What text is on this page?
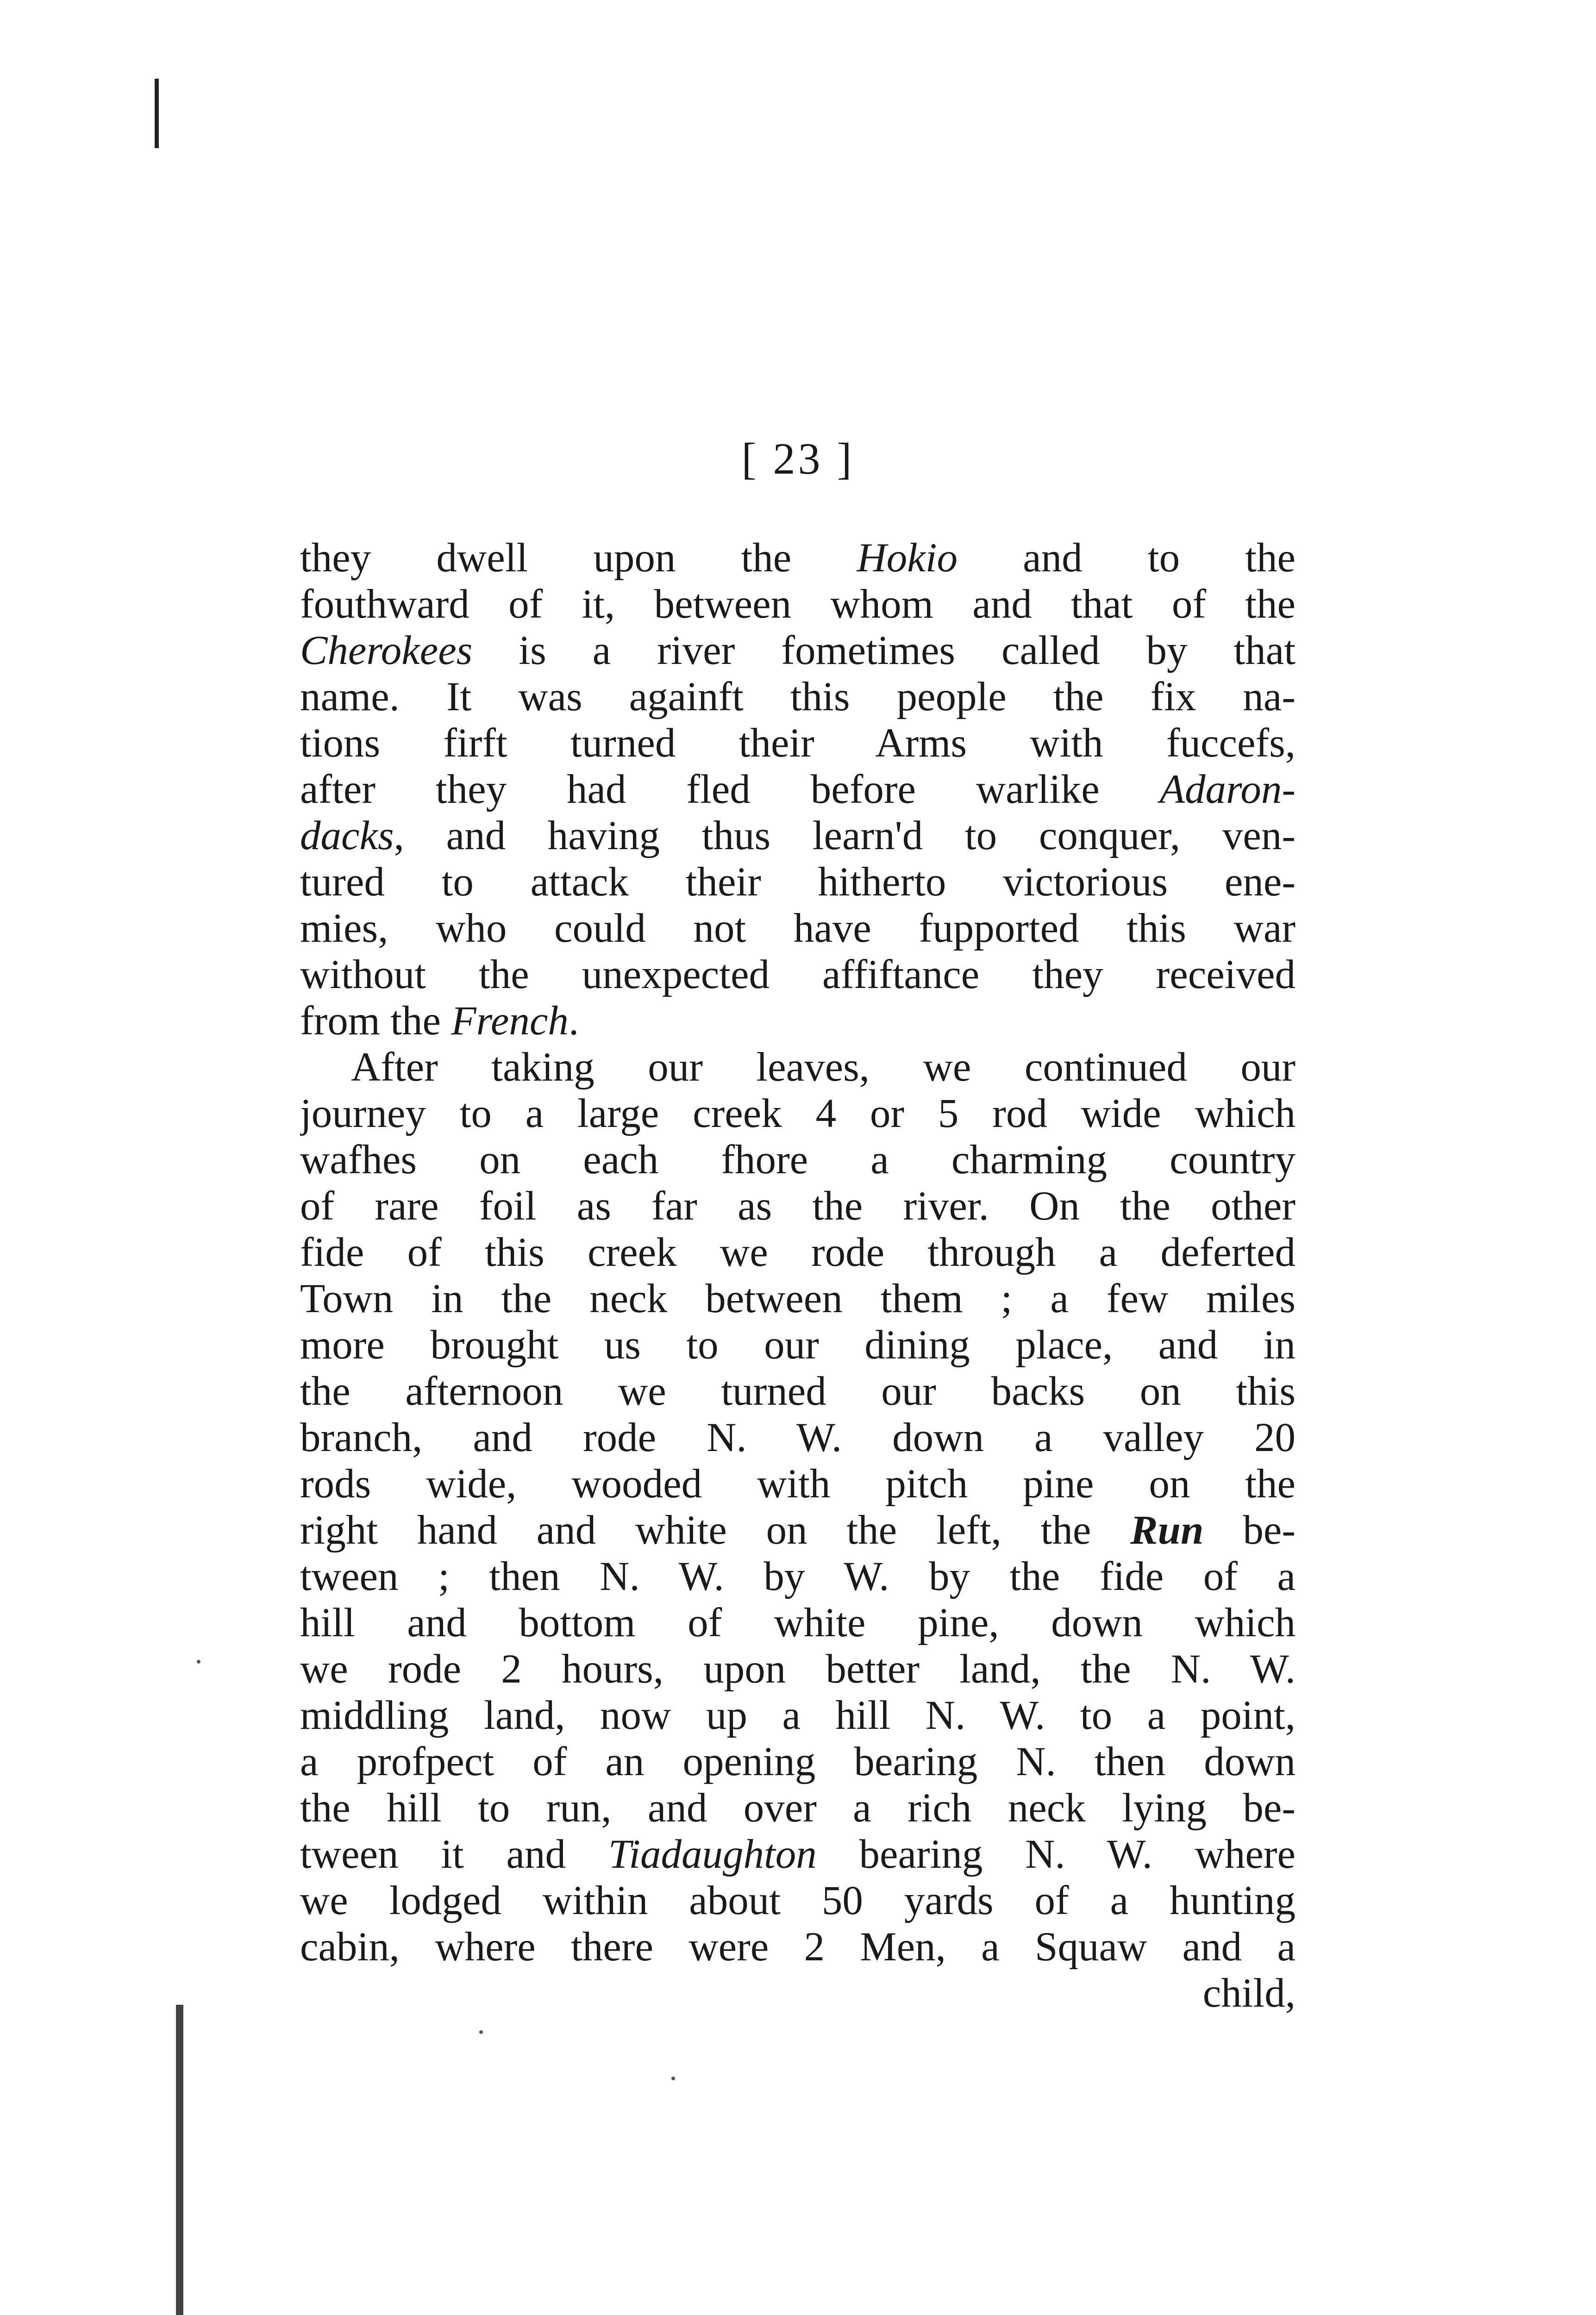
[ 23 ]
they dwell upon the Hokio and to the
fouthward of it, between whom and that of the
Cherokees is a river fometimes called by that
name. It was againft this people the fix na-
tions firft turned their Arms with fuccefs,
after they had fled before warlike Adaron-
dacks, and having thus learn'd to conquer, ven-
tured to attack their hitherto victorious ene-
mies, who could not have fupported this war
without the unexpected affiftance they received
from the French.
After taking our leaves, we continued our
journey to a large creek 4 or 5 rod wide which
wafhes on each fhore a charming country
of rare foil as far as the river. On the other
fide of this creek we rode through a deferted
Town in the neck between them ; a few miles
more brought us to our dining place, and in
the afternoon we turned our backs on this
branch, and rode N. W. down a valley 20
rods wide, wooded with pitch pine on the
right hand and white on the left, the Run be-
tween ; then N. W. by W. by the fide of a
hill and bottom of white pine, down which
we rode 2 hours, upon better land, the N. W.
middling land, now up a hill N. W. to a point,
a profpect of an opening bearing N. then down
the hill to run, and over a rich neck lying be-
tween it and Tiadaughton bearing N. W. where
we lodged within about 50 yards of a hunting
cabin, where there were 2 Men, a Squaw and a
child,
